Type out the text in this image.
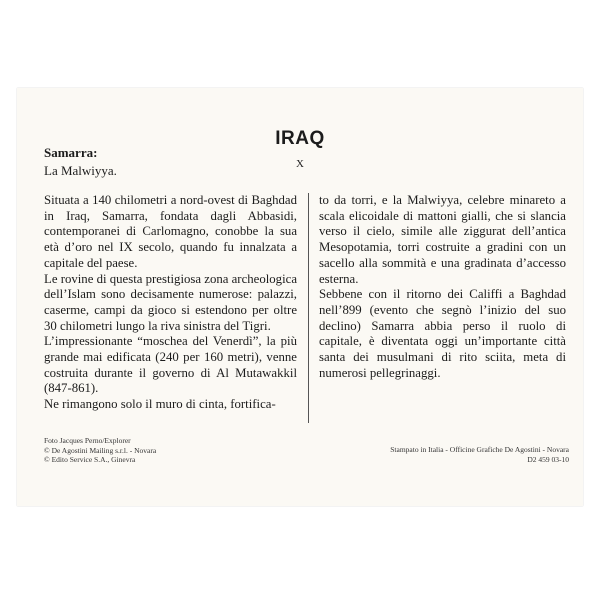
IRAQ
X
Samarra:
La Malwiyya.

Situata a 140 chilometri a nord-ovest di Baghdad in Iraq, Samarra, fondata dagli Abbasidi, contemporanei di Carlomagno, conobbe la sua età d’oro nel IX secolo, quando fu innalzata a capitale del paese.

Le rovine di questa prestigiosa zona archeologica dell’Islam sono decisamente numerose: palazzi, caserme, campi da gioco si estendono per oltre 30 chilometri lungo la riva sinistra del Tigri.

L’impressionante “moschea del Venerdì”, la più grande mai edificata (240 per 160 metri), venne costruita durante il governo di Al Mutawakkil (847-861).

Ne rimangono solo il muro di cinta, fortifica-

to da torri, e la Malwiyya, celebre minareto a scala elicoidale di mattoni gialli, che si slancia verso il cielo, simile alle ziggurat dell’antica Mesopotamia, torri costruite a gradini con un sacello alla sommità e una gradinata d’accesso esterna.

Sebbene con il ritorno dei Califfi a Baghdad nell’899 (evento che segnò l’inizio del suo declino) Samarra abbia perso il ruolo di capitale, è diventata oggi un’importante città santa dei musulmani di rito sciita, meta di numerosi pellegrinaggi.

Foto Jacques Perno/Explorer
© De Agostini Mailing s.r.l. - Novara
© Edito Service S.A., Ginevra
Stampato in Italia - Officine Grafiche De Agostini - Novara
D2 459 03-10
